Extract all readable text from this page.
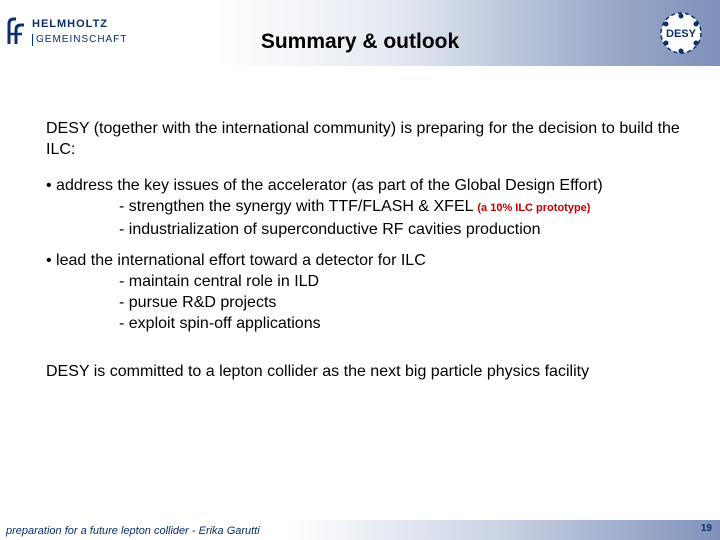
HELMHOLTZ
GEMEINSCHAFT	Summary & outlook	DESY

DESY (together with the international community) is preparing for the decision to build the ILC:

• address the key issues of the accelerator (as part of the Global Design Effort)

- strengthen the synergy with TTF/FLASH & XFEL (a 10% ILC prototype)

- industrialization of superconductive RF cavities production

• lead the international effort toward a detector for ILC

- maintain central role in ILD

- pursue R&D projects

- exploit spin-off applications

DESY is committed to a lepton collider as the next big particle physics facility

preparation for a future lepton collider - Erika Garutti	19
